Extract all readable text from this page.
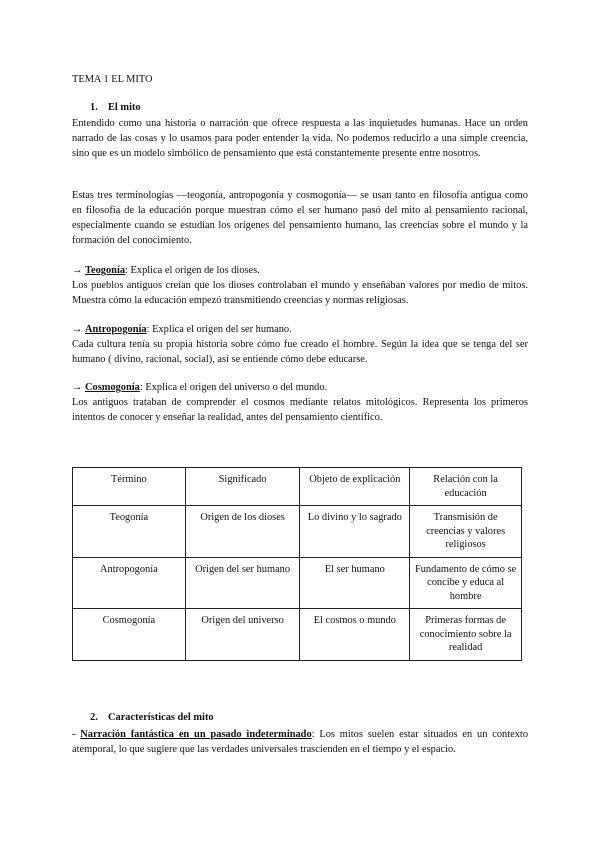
TEMA 1 EL MITO
1. El mito
Entendido como una historia o narración que ofrece respuesta a las inquietudes humanas. Hace un orden narrado de las cosas y lo usamos para poder entender la vida. No podemos reducirlo a una simple creencia, sino que es un modelo simbólico de pensamiento que está constantemente presente entre nosotros.
Estas tres terminologías —teogonía, antropogonía y cosmogonía— se usan tanto en filosofía antigua como en filosofía de la educación porque muestran cómo el ser humano pasó del mito al pensamiento racional, especialmente cuando se estudian los orígenes del pensamiento humano, las creencias sobre el mundo y la formación del conocimiento.
→ Teogonía: Explica el origen de los dioses.
Los pueblos antiguos creían que los dioses controlaban el mundo y enseñaban valores por medio de mitos. Muestra cómo la educación empezó transmitiendo creencias y normas religiosas.
→ Antropogonía: Explica el origen del ser humano.
Cada cultura tenía su propia historia sobre cómo fue creado el hombre. Según la idea que se tenga del ser humano ( divino, racional, social), así se entiende cómo debe educarse.
→ Cosmogonía: Explica el origen del universo o del mundo.
Los antiguos trataban de comprender el cosmos mediante relatos mitológicos. Representa los primeros intentos de conocer y enseñar la realidad, antes del pensamiento científico.
Término	Significado	Objeto de explicación	Relación con la educación
Teogonía	Origen de los dioses	Lo divino y lo sagrado	Transmisión de creencias y valores religiosos
Antropogonía	Origen del ser humano	El ser humano	Fundamento de cómo se concibe y educa al hombre
Cosmogonía	Origen del universo	El cosmos o mundo	Primeras formas de conocimiento sobre la realidad
2. Características del mito
- Narración fantástica en un pasado indeterminado: Los mitos suelen estar situados en un contexto atemporal, lo que sugiere que las verdades universales trascienden en el tiempo y el espacio.
